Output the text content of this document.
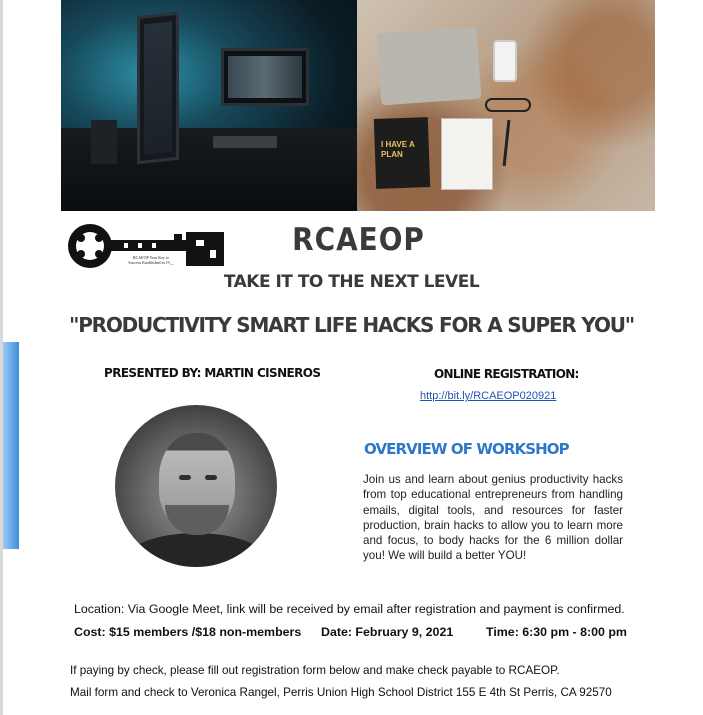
I HAVE A PLAN
RCAEOP Your Key to Success Established in 19__
RCAEOP
TAKE IT TO THE NEXT LEVEL
"PRODUCTIVITY SMART LIFE HACKS FOR A SUPER YOU"
PRESENTED BY: MARTIN CISNEROS	ONLINE REGISTRATION:
http://bit.ly/RCAEOP020921
OVERVIEW OF WORKSHOP
Join us and learn about genius productivity hacks from top educational entrepreneurs from handling emails, digital tools, and resources for faster production, brain hacks to allow you to learn more and focus, to body hacks for the 6 million dollar you! We will build a better YOU!
Location: Via Google Meet, link will be received by email after registration and payment is confirmed.
Cost: $15 members /$18 non-members Date: February 9, 2021	Time: 6:30 pm - 8:00 pm
If paying by check, please fill out registration form below and make check payable to RCAEOP.
Mail form and check to Veronica Rangel, Perris Union High School District 155 E 4th St Perris, CA 92570
